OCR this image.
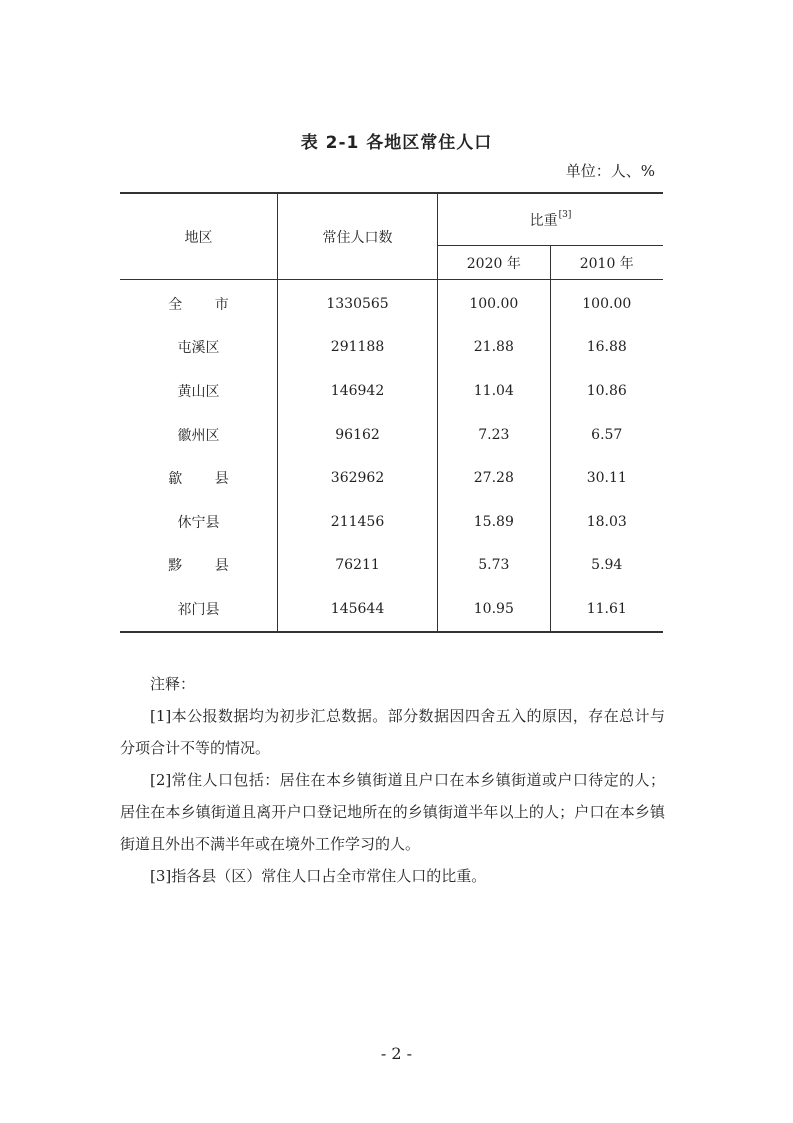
表 2-1 各地区常住人口
单位：人、%
地区	常住人口数	比重[3]
		2020 年	2010 年
全 市	1330565	100.00	100.00
屯溪区	291188	21.88	16.88
黄山区	146942	11.04	10.86
徽州区	96162	7.23	6.57
歙 县	362962	27.28	30.11
休宁县	211456	15.89	18.03
黟 县	76211	5.73	5.94
祁门县	145644	10.95	11.61

注释：

[1]本公报数据均为初步汇总数据。部分数据因四舍五入的原因，存在总计与分项合计不等的情况。

[2]常住人口包括：居住在本乡镇街道且户口在本乡镇街道或户口待定的人；居住在本乡镇街道且离开户口登记地所在的乡镇街道半年以上的人；户口在本乡镇街道且外出不满半年或在境外工作学习的人。

[3]指各县（区）常住人口占全市常住人口的比重。

- 2 -
